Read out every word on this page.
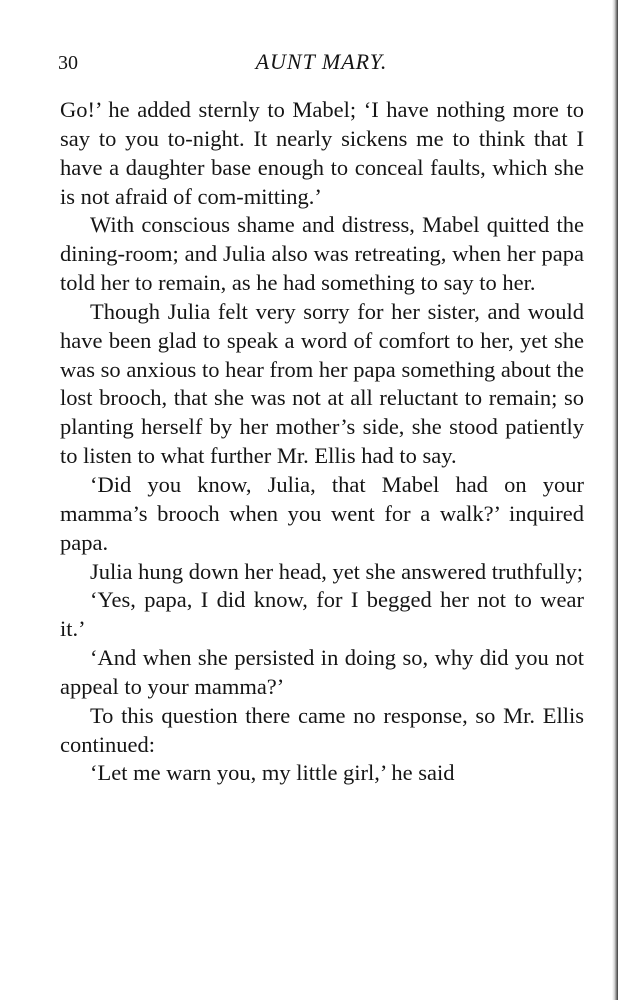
30	AUNT MARY.

Go!’ he added sternly to Mabel; ‘I have nothing more to say to you to-night. It nearly sickens me to think that I have a daughter base enough to conceal faults, which she is not afraid of com-mitting.’

With conscious shame and distress, Mabel quitted the dining-room; and Julia also was retreating, when her papa told her to remain, as he had something to say to her.

Though Julia felt very sorry for her sister, and would have been glad to speak a word of comfort to her, yet she was so anxious to hear from her papa something about the lost brooch, that she was not at all reluctant to remain; so planting herself by her mother’s side, she stood patiently to listen to what further Mr. Ellis had to say.

‘Did you know, Julia, that Mabel had on your mamma’s brooch when you went for a walk?’ inquired papa.

Julia hung down her head, yet she answered truthfully;

‘Yes, papa, I did know, for I begged her not to wear it.’

‘And when she persisted in doing so, why did you not appeal to your mamma?’

To this question there came no response, so Mr. Ellis continued:

‘Let me warn you, my little girl,’ he said
